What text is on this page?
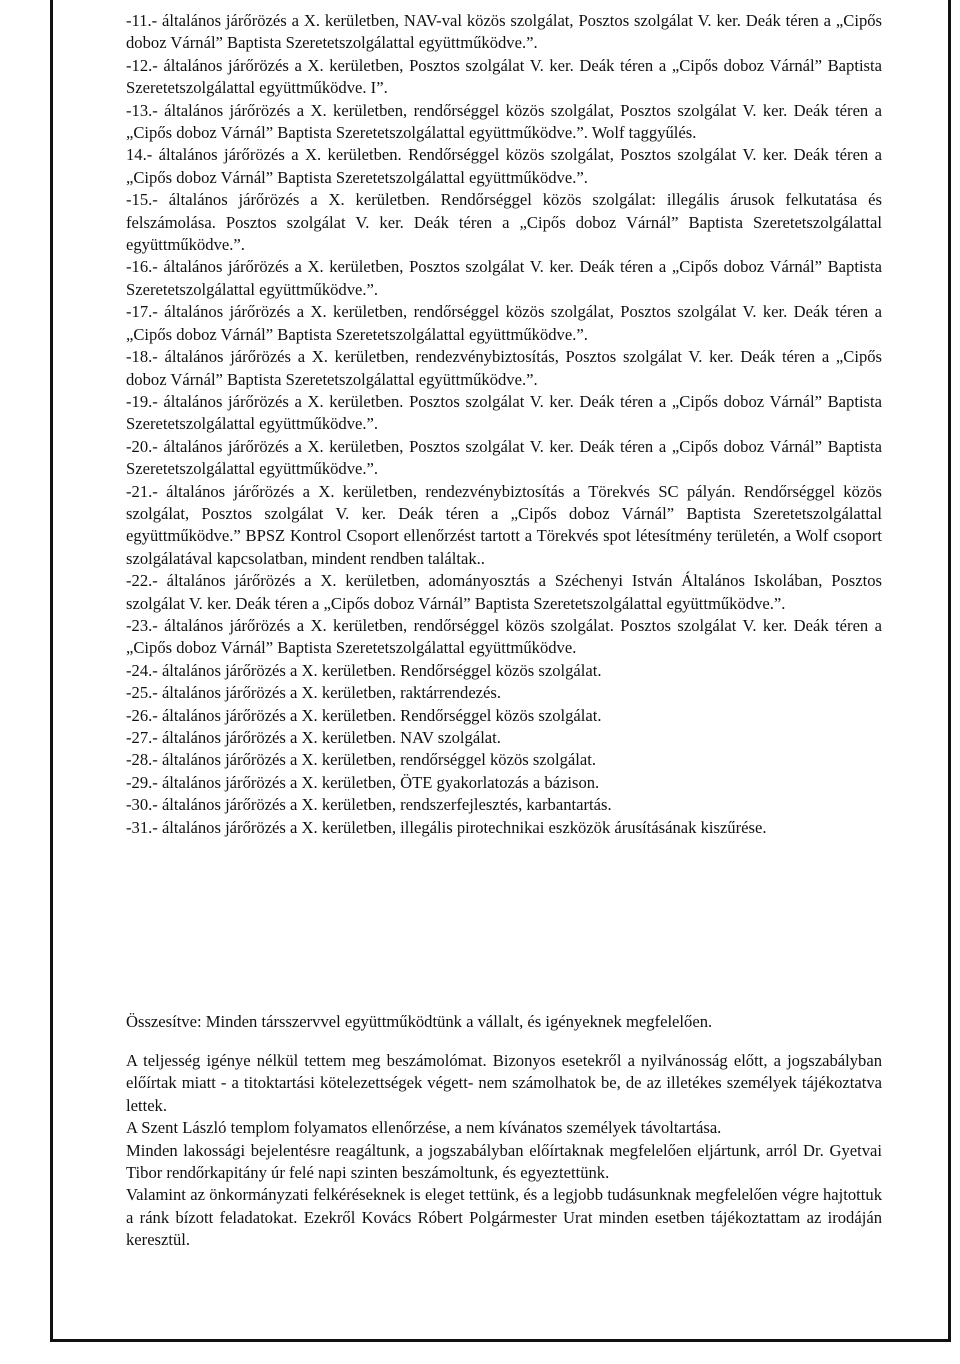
-11.- általános járőrözés a X. kerületben, NAV-val közös szolgálat, Posztos szolgálat V. ker. Deák téren a „Cipős doboz Várnál” Baptista Szeretetszolgálattal együttműködve.”.

-12.- általános járőrözés a X. kerületben, Posztos szolgálat V. ker. Deák téren a „Cipős doboz Várnál” Baptista Szeretetszolgálattal együttműködve. I”.

-13.- általános járőrözés a X. kerületben, rendőrséggel közös szolgálat, Posztos szolgálat V. ker. Deák téren a „Cipős doboz Várnál” Baptista Szeretetszolgálattal együttműködve.”. Wolf taggyűlés.

14.- általános járőrözés a X. kerületben. Rendőrséggel közös szolgálat, Posztos szolgálat V. ker. Deák téren a „Cipős doboz Várnál” Baptista Szeretetszolgálattal együttműködve.”.

-15.- általános járőrözés a X. kerületben. Rendőrséggel közös szolgálat: illegális árusok felkutatása és felszámolása. Posztos szolgálat V. ker. Deák téren a „Cipős doboz Várnál” Baptista Szeretetszolgálattal együttműködve.”.

-16.- általános járőrözés a X. kerületben, Posztos szolgálat V. ker. Deák téren a „Cipős doboz Várnál” Baptista Szeretetszolgálattal együttműködve.”.

-17.- általános járőrözés a X. kerületben, rendőrséggel közös szolgálat, Posztos szolgálat V. ker. Deák téren a „Cipős doboz Várnál” Baptista Szeretetszolgálattal együttműködve.”.

-18.- általános járőrözés a X. kerületben, rendezvénybiztosítás, Posztos szolgálat V. ker. Deák téren a „Cipős doboz Várnál” Baptista Szeretetszolgálattal együttműködve.”.

-19.- általános járőrözés a X. kerületben. Posztos szolgálat V. ker. Deák téren a „Cipős doboz Várnál” Baptista Szeretetszolgálattal együttműködve.”.

-20.- általános járőrözés a X. kerületben, Posztos szolgálat V. ker. Deák téren a „Cipős doboz Várnál” Baptista Szeretetszolgálattal együttműködve.”.

-21.- általános járőrözés a X. kerületben, rendezvénybiztosítás a Törekvés SC pályán. Rendőrséggel közös szolgálat, Posztos szolgálat V. ker. Deák téren a „Cipős doboz Várnál” Baptista Szeretetszolgálattal együttműködve.” BPSZ Kontrol Csoport ellenőrzést tartott a Törekvés spot létesítmény területén, a Wolf csoport szolgálatával kapcsolatban, mindent rendben találtak..

-22.- általános járőrözés a X. kerületben, adományosztás a Széchenyi István Általános Iskolában, Posztos szolgálat V. ker. Deák téren a „Cipős doboz Várnál” Baptista Szeretetszolgálattal együttműködve.”.

-23.- általános járőrözés a X. kerületben, rendőrséggel közös szolgálat. Posztos szolgálat V. ker. Deák téren a „Cipős doboz Várnál” Baptista Szeretetszolgálattal együttműködve.

-24.- általános járőrözés a X. kerületben. Rendőrséggel közös szolgálat.

-25.- általános járőrözés a X. kerületben, raktárrendezés.

-26.- általános járőrözés a X. kerületben. Rendőrséggel közös szolgálat.

-27.- általános járőrözés a X. kerületben. NAV szolgálat.

-28.- általános járőrözés a X. kerületben, rendőrséggel közös szolgálat.

-29.- általános járőrözés a X. kerületben, ÖTE gyakorlatozás a bázison.

-30.- általános járőrözés a X. kerületben, rendszerfejlesztés, karbantartás.

-31.- általános járőrözés a X. kerületben, illegális pirotechnikai eszközök árusításának kiszűrése.

Összesítve: Minden társszervvel együttműködtünk a vállalt, és igényeknek megfelelően.

A teljesség igénye nélkül tettem meg beszámolómat. Bizonyos esetekről a nyilvánosság előtt, a jogszabályban előírtak miatt - a titoktartási kötelezettségek végett- nem számolhatok be, de az illetékes személyek tájékoztatva lettek.

A Szent László templom folyamatos ellenőrzése, a nem kívánatos személyek távoltartása.

Minden lakossági bejelentésre reagáltunk, a jogszabályban előírtaknak megfelelően eljártunk, arról Dr. Gyetvai Tibor rendőrkapitány úr felé napi szinten beszámoltunk, és egyeztettünk.

Valamint az önkormányzati felkéréseknek is eleget tettünk, és a legjobb tudásunknak megfelelően végre hajtottuk a ránk bízott feladatokat. Ezekről Kovács Róbert Polgármester Urat minden esetben tájékoztattam az irodáján keresztül.
